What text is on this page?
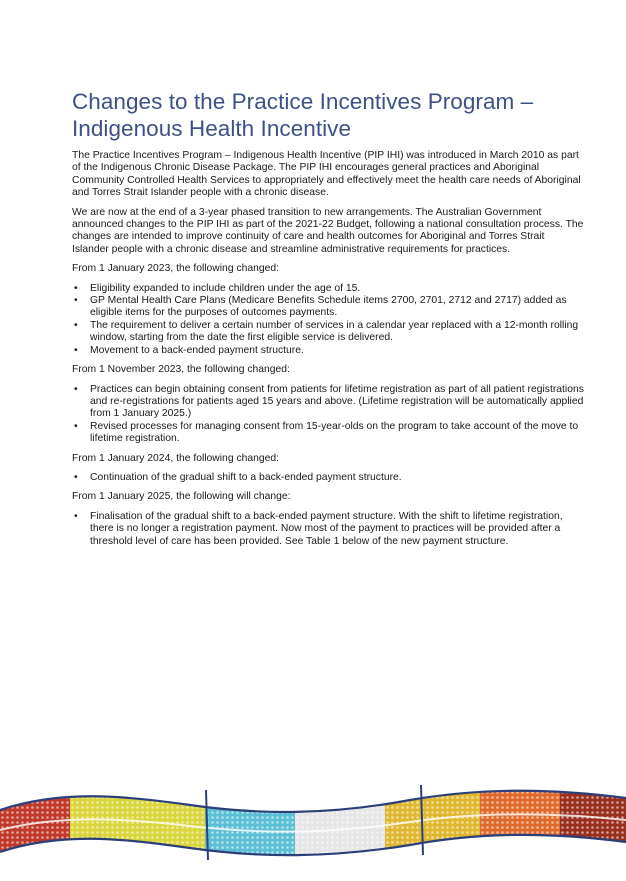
Changes to the Practice Incentives Program – Indigenous Health Incentive

The Practice Incentives Program – Indigenous Health Incentive (PIP IHI) was introduced in March 2010 as part of the Indigenous Chronic Disease Package. The PIP IHI encourages general practices and Aboriginal Community Controlled Health Services to appropriately and effectively meet the health care needs of Aboriginal and Torres Strait Islander people with a chronic disease.

We are now at the end of a 3-year phased transition to new arrangements. The Australian Government announced changes to the PIP IHI as part of the 2021-22 Budget, following a national consultation process. The changes are intended to improve continuity of care and health outcomes for Aboriginal and Torres Strait Islander people with a chronic disease and streamline administrative requirements for practices.

From 1 January 2023, the following changed:

• Eligibility expanded to include children under the age of 15.
• GP Mental Health Care Plans (Medicare Benefits Schedule items 2700, 2701, 2712 and 2717) added as eligible items for the purposes of outcomes payments.
• The requirement to deliver a certain number of services in a calendar year replaced with a 12-month rolling window, starting from the date the first eligible service is delivered.
• Movement to a back-ended payment structure.

From 1 November 2023, the following changed:

• Practices can begin obtaining consent from patients for lifetime registration as part of all patient registrations and re-registrations for patients aged 15 years and above. (Lifetime registration will be automatically applied from 1 January 2025.)
• Revised processes for managing consent from 15-year-olds on the program to take account of the move to lifetime registration.

From 1 January 2024, the following changed:

• Continuation of the gradual shift to a back-ended payment structure.

From 1 January 2025, the following will change:

• Finalisation of the gradual shift to a back-ended payment structure. With the shift to lifetime registration, there is no longer a registration payment. Now most of the payment to practices will be provided after a threshold level of care has been provided. See Table 1 below of the new payment structure.
